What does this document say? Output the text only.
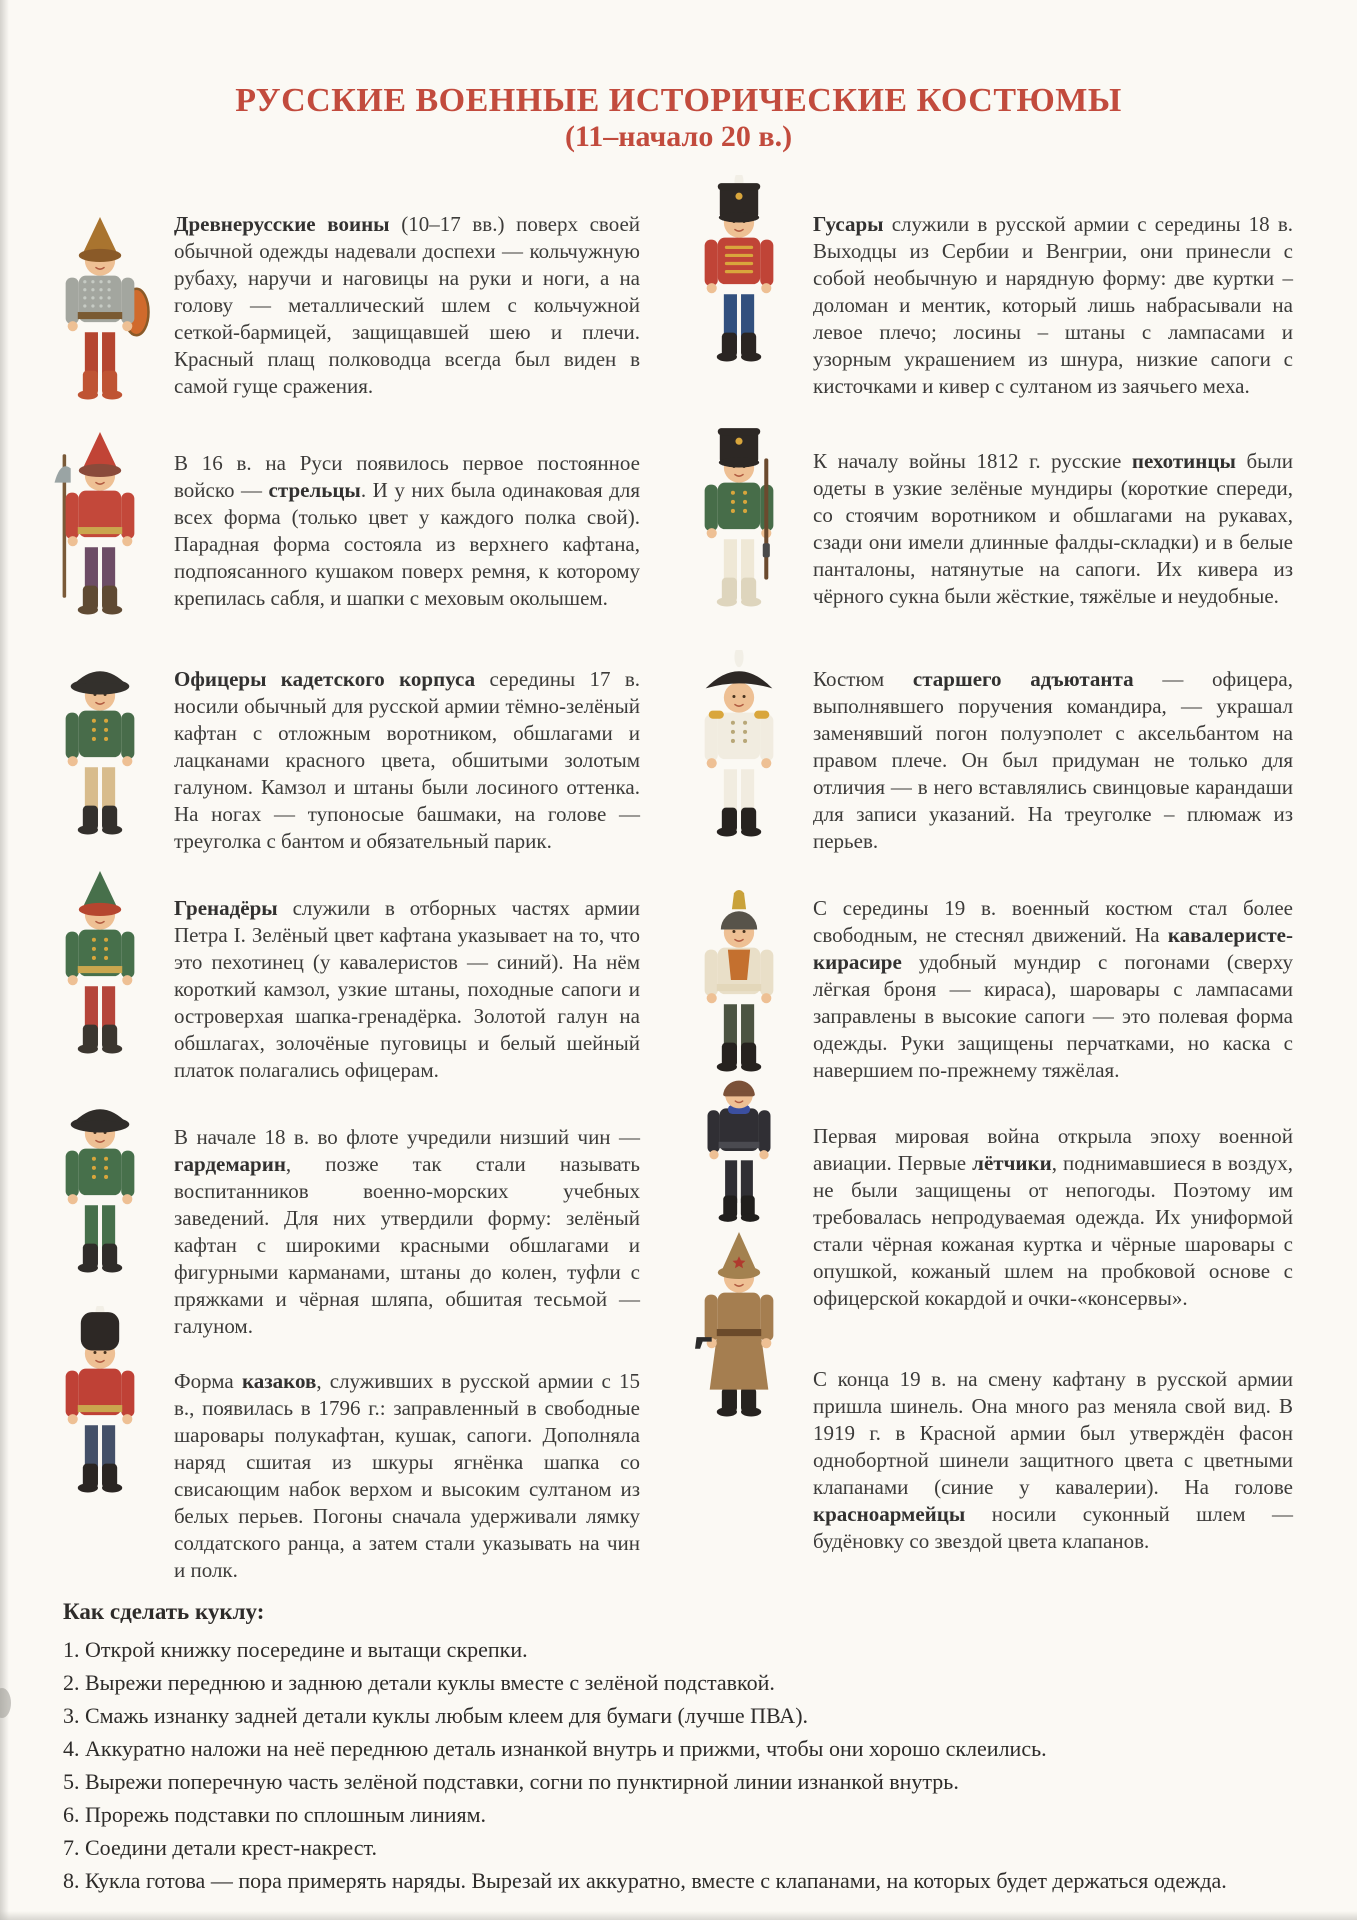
РУССКИЕ ВОЕННЫЕ ИСТОРИЧЕСКИЕ КОСТЮМЫ
(11–начало 20 в.)

Древнерусские воины (10–17 вв.) поверх своей обычной одежды надевали доспехи — кольчужную рубаху, наручи и наговицы на руки и ноги, а на голову — металлический шлем с кольчужной сеткой-бармицей, защищавшей шею и плечи. Красный плащ полководца всегда был виден в самой гуще сражения.

В 16 в. на Руси появилось первое постоянное войско — стрельцы. И у них была одинаковая для всех форма (только цвет у каждого полка свой). Парадная форма состояла из верхнего кафтана, подпоясанного кушаком поверх ремня, к которому крепилась сабля, и шапки с меховым околышем.

Офицеры кадетского корпуса середины 17 в. носили обычный для русской армии тёмно-зелёный кафтан с отложным воротником, обшлагами и лацканами красного цвета, обшитыми золотым галуном. Камзол и штаны были лосиного оттенка. На ногах — тупоносые башмаки, на голове — треуголка с бантом и обязательный парик.

Гренадёры служили в отборных частях армии Петра I. Зелёный цвет кафтана указывает на то, что это пехотинец (у кавалеристов — синий). На нём короткий камзол, узкие штаны, походные сапоги и островерхая шапка-гренадёрка. Золотой галун на обшлагах, золочёные пуговицы и белый шейный платок полагались офицерам.

В начале 18 в. во флоте учредили низший чин — гардемарин, позже так стали называть воспитанников военно-морских учебных заведений. Для них утвердили форму: зелёный кафтан с широкими красными обшлагами и фигурными карманами, штаны до колен, туфли с пряжками и чёрная шляпа, обшитая тесьмой — галуном.

Форма казаков, служивших в русской армии с 15 в., появилась в 1796 г.: заправленный в свободные шаровары полукафтан, кушак, сапоги. Дополняла наряд сшитая из шкуры ягнёнка шапка со свисающим набок верхом и высоким султаном из белых перьев. Погоны сначала удерживали лямку солдатского ранца, а затем стали указывать на чин и полк.

Гусары служили в русской армии с середины 18 в. Выходцы из Сербии и Венгрии, они принесли с собой необычную и нарядную форму: две куртки – доломан и ментик, который лишь набрасывали на левое плечо; лосины – штаны с лампасами и узорным украшением из шнура, низкие сапоги с кисточками и кивер с султаном из заячьего меха.

К началу войны 1812 г. русские пехотинцы были одеты в узкие зелёные мундиры (короткие спереди, со стоячим воротником и обшлагами на рукавах, сзади они имели длинные фалды-складки) и в белые панталоны, натянутые на сапоги. Их кивера из чёрного сукна были жёсткие, тяжёлые и неудобные.

Костюм старшего адъютанта — офицера, выполнявшего поручения командира, — украшал заменявший погон полуэполет с аксельбантом на правом плече. Он был придуман не только для отличия — в него вставлялись свинцовые карандаши для записи указаний. На треуголке – плюмаж из перьев.

С середины 19 в. военный костюм стал более свободным, не стеснял движений. На кавалеристе-кирасире удобный мундир с погонами (сверху лёгкая броня — кираса), шаровары с лампасами заправлены в высокие сапоги — это полевая форма одежды. Руки защищены перчатками, но каска с навершием по-прежнему тяжёлая.

Первая мировая война открыла эпоху военной авиации. Первые лётчики, поднимавшиеся в воздух, не были защищены от непогоды. Поэтому им требовалась непродуваемая одежда. Их униформой стали чёрная кожаная куртка и чёрные шаровары с опушкой, кожаный шлем на пробковой основе с офицерской кокардой и очки-«консервы».

С конца 19 в. на смену кафтану в русской армии пришла шинель. Она много раз меняла свой вид. В 1919 г. в Красной армии был утверждён фасон однобортной шинели защитного цвета с цветными клапанами (синие у кавалерии). На голове красноармейцы носили суконный шлем — будёновку со звездой цвета клапанов.

Как сделать куклу:
1. Открой книжку посередине и вытащи скрепки.
2. Вырежи переднюю и заднюю детали куклы вместе с зелёной подставкой.
3. Смажь изнанку задней детали куклы любым клеем для бумаги (лучше ПВА).
4. Аккуратно наложи на неё переднюю деталь изнанкой внутрь и прижми, чтобы они хорошо склеились.
5. Вырежи поперечную часть зелёной подставки, согни по пунктирной линии изнанкой внутрь.
6. Прорежь подставки по сплошным линиям.
7. Соедини детали крест-накрест.
8. Кукла готова — пора примерять наряды. Вырезай их аккуратно, вместе с клапанами, на которых будет держаться одежда.
